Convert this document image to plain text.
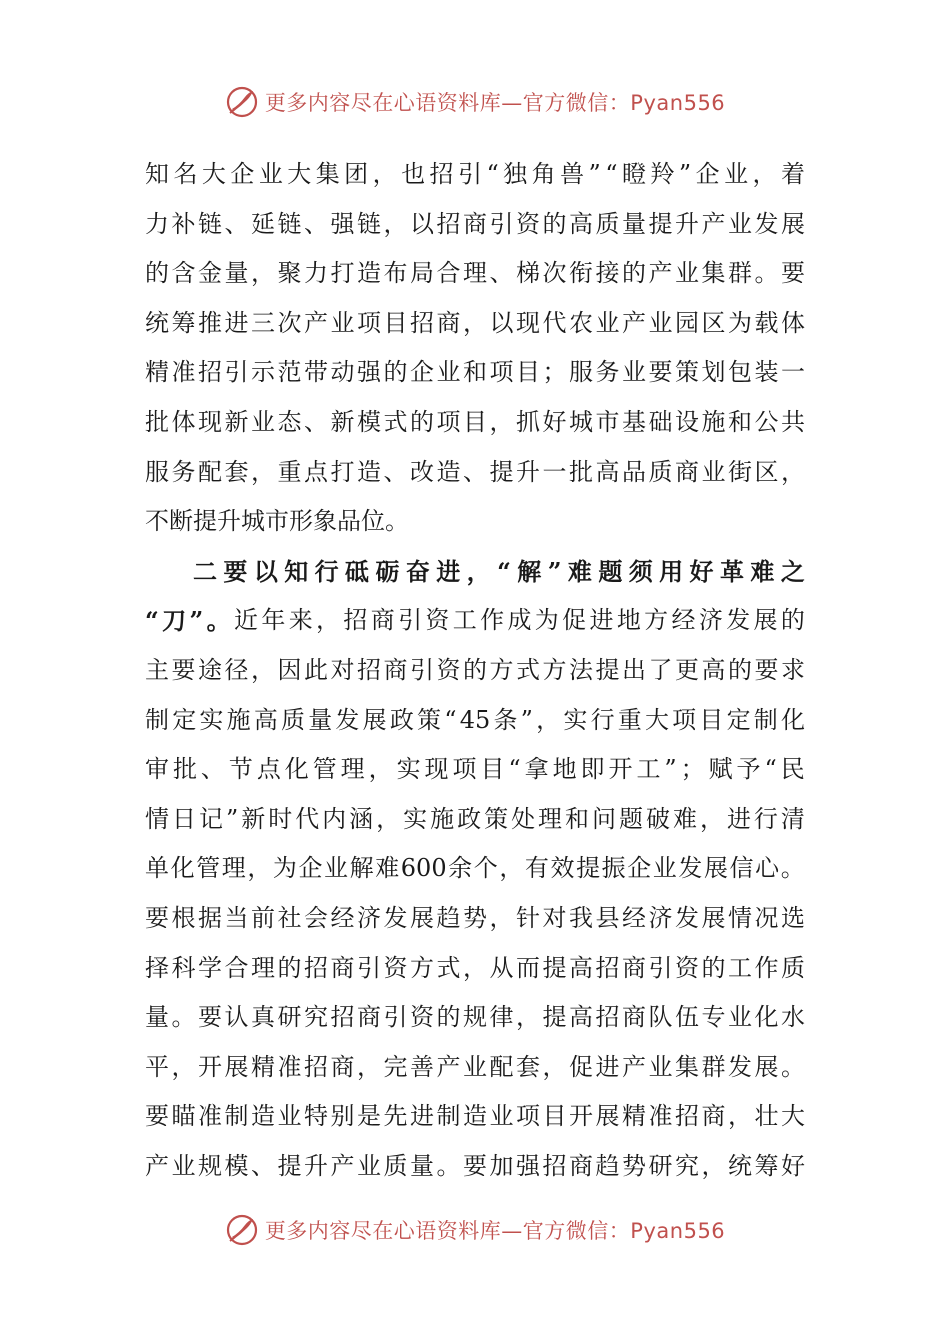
更多内容尽在心语资料库—官方微信：Pyan556
知 名 大 企 业 大 集 团 ， 也 招 引 “ 独 角 兽 ” “ 瞪 羚 ” 企 业 ， 着
力 补 链 、 延 链 、 强 链 ， 以 招 商 引 资 的 高 质 量 提 升 产 业 发 展
的 含 金 量 ， 聚 力 打 造 布 局 合 理 、 梯 次 衔 接 的 产 业 集 群 。 要
统 筹 推 进 三 次 产 业 项 目 招 商 ， 以 现 代 农 业 产 业 园 区 为 载 体
精 准 招 引 示 范 带 动 强 的 企 业 和 项 目 ； 服 务 业 要 策 划 包 装 一
批 体 现 新 业 态 、 新 模 式 的 项 目 ， 抓 好 城 市 基 础 设 施 和 公 共
服 务 配 套 ， 重 点 打 造 、 改 造 、 提 升 一 批 高 品 质 商 业 街 区 ，
不 断 提 升 城 市 形 象 品 位 。
二 要 以 知 行 砥 砺 奋 进 ， “ 解 ” 难 题 须 用 好 革 难 之
“ 刀 ” 。 近 年 来 ， 招 商 引 资 工 作 成 为 促 进 地 方 经 济 发 展 的
主 要 途 径 ， 因 此 对 招 商 引 资 的 方 式 方 法 提 出 了 更 高 的 要 求
制 定 实 施 高 质 量 发 展 政 策 “ 45 条 ” ， 实 行 重 大 项 目 定 制 化
审 批 、 节 点 化 管 理 ， 实 现 项 目 “ 拿 地 即 开 工 ” ； 赋 予 “ 民
情 日 记 ” 新 时 代 内 涵 ， 实 施 政 策 处 理 和 问 题 破 难 ， 进 行 清
单 化 管 理 ， 为 企 业 解 难 600 余 个 ， 有 效 提 振 企 业 发 展 信 心 。
要 根 据 当 前 社 会 经 济 发 展 趋 势 ， 针 对 我 县 经 济 发 展 情 况 选
择 科 学 合 理 的 招 商 引 资 方 式 ， 从 而 提 高 招 商 引 资 的 工 作 质
量 。 要 认 真 研 究 招 商 引 资 的 规 律 ， 提 高 招 商 队 伍 专 业 化 水
平 ， 开 展 精 准 招 商 ， 完 善 产 业 配 套 ， 促 进 产 业 集 群 发 展 。
要 瞄 准 制 造 业 特 别 是 先 进 制 造 业 项 目 开 展 精 准 招 商 ， 壮 大
产 业 规 模 、 提 升 产 业 质 量 。 要 加 强 招 商 趋 势 研 究 ， 统 筹 好
更多内容尽在心语资料库—官方微信：Pyan556
